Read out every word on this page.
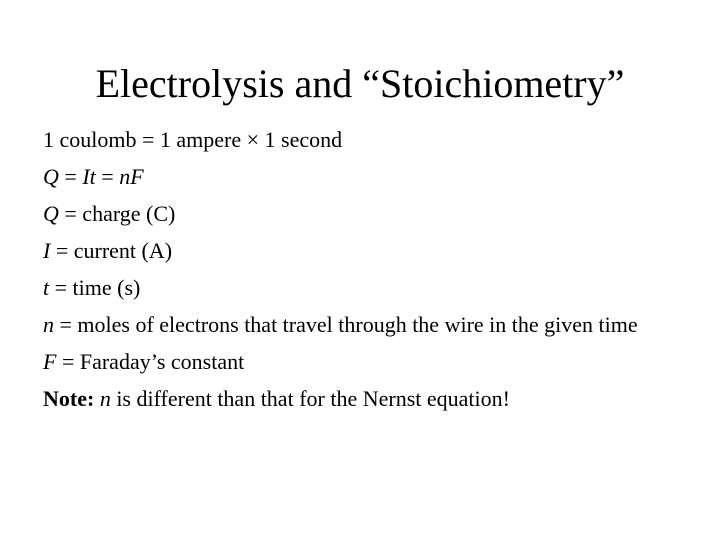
Electrolysis and “Stoichiometry”
1 coulomb = 1 ampere × 1 second
Q = It = nF
Q = charge (C)
I = current (A)
t = time (s)
n = moles of electrons that travel through the wire in the given time
F = Faraday’s constant
Note: n is different than that for the Nernst equation!
